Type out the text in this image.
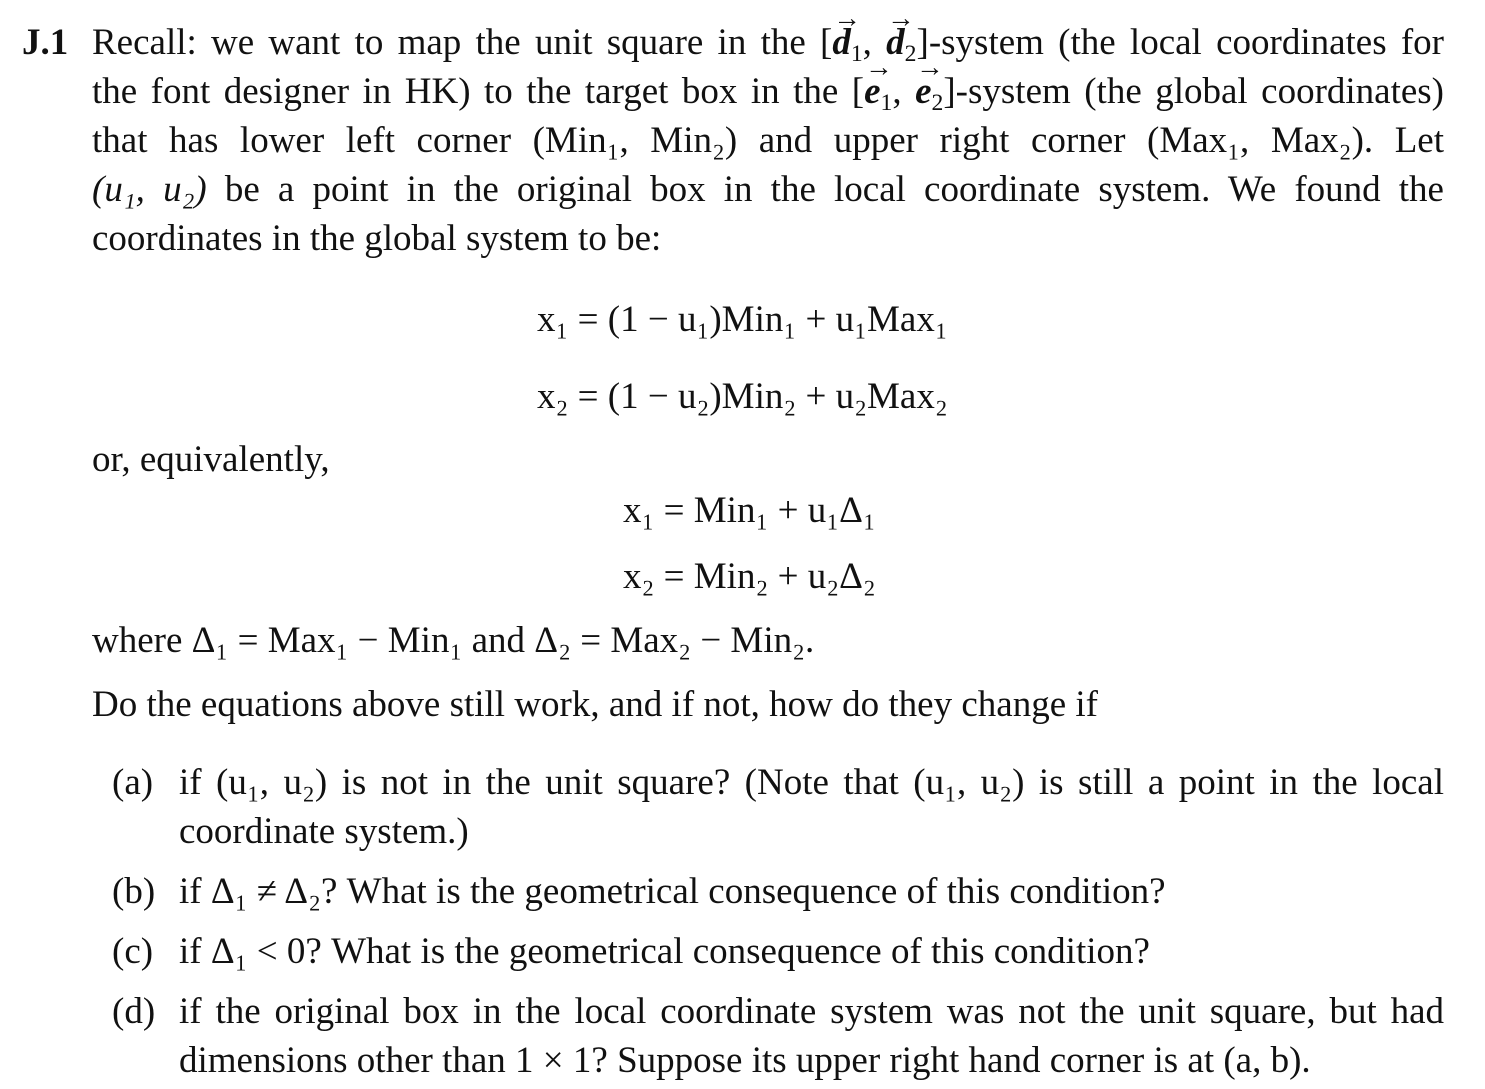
J.1 Recall: we want to map the unit square in the [→ $d_1$, → $d_2$]-system (the local coordinates for
the font designer in HK) to the target box in the [→ $e_1$, → $e_2$]-system (the global coordinates)
that has lower left corner (Min₁, Min₂) and upper right corner (Max₁, Max₂). Let
(u₁, u₂) be a point in the original box in the local coordinate system. We found the
coordinates in the global system to be:
x₁ = (1 − u₁)Min₁ + u₁Max₁
x₂ = (1 − u₂)Min₂ + u₂Max₂
or, equivalently,
x₁ = Min₁ + u₁Δ₁
x₂ = Min₂ + u₂Δ₂
where Δ₁ = Max₁ − Min₁ and Δ₂ = Max₂ − Min₂.
Do the equations above still work, and if not, how do they change if
(a) if (u₁, u₂) is not in the unit square? (Note that (u₁, u₂) is still a point in the local
coordinate system.)
(b) if Δ₁ ≠ Δ₂? What is the geometrical consequence of this condition?
(c) if Δ₁ < 0? What is the geometrical consequence of this condition?
(d) if the original box in the local coordinate system was not the unit square, but had
dimensions other than 1 × 1? Suppose its upper right hand corner is at (a, b).
